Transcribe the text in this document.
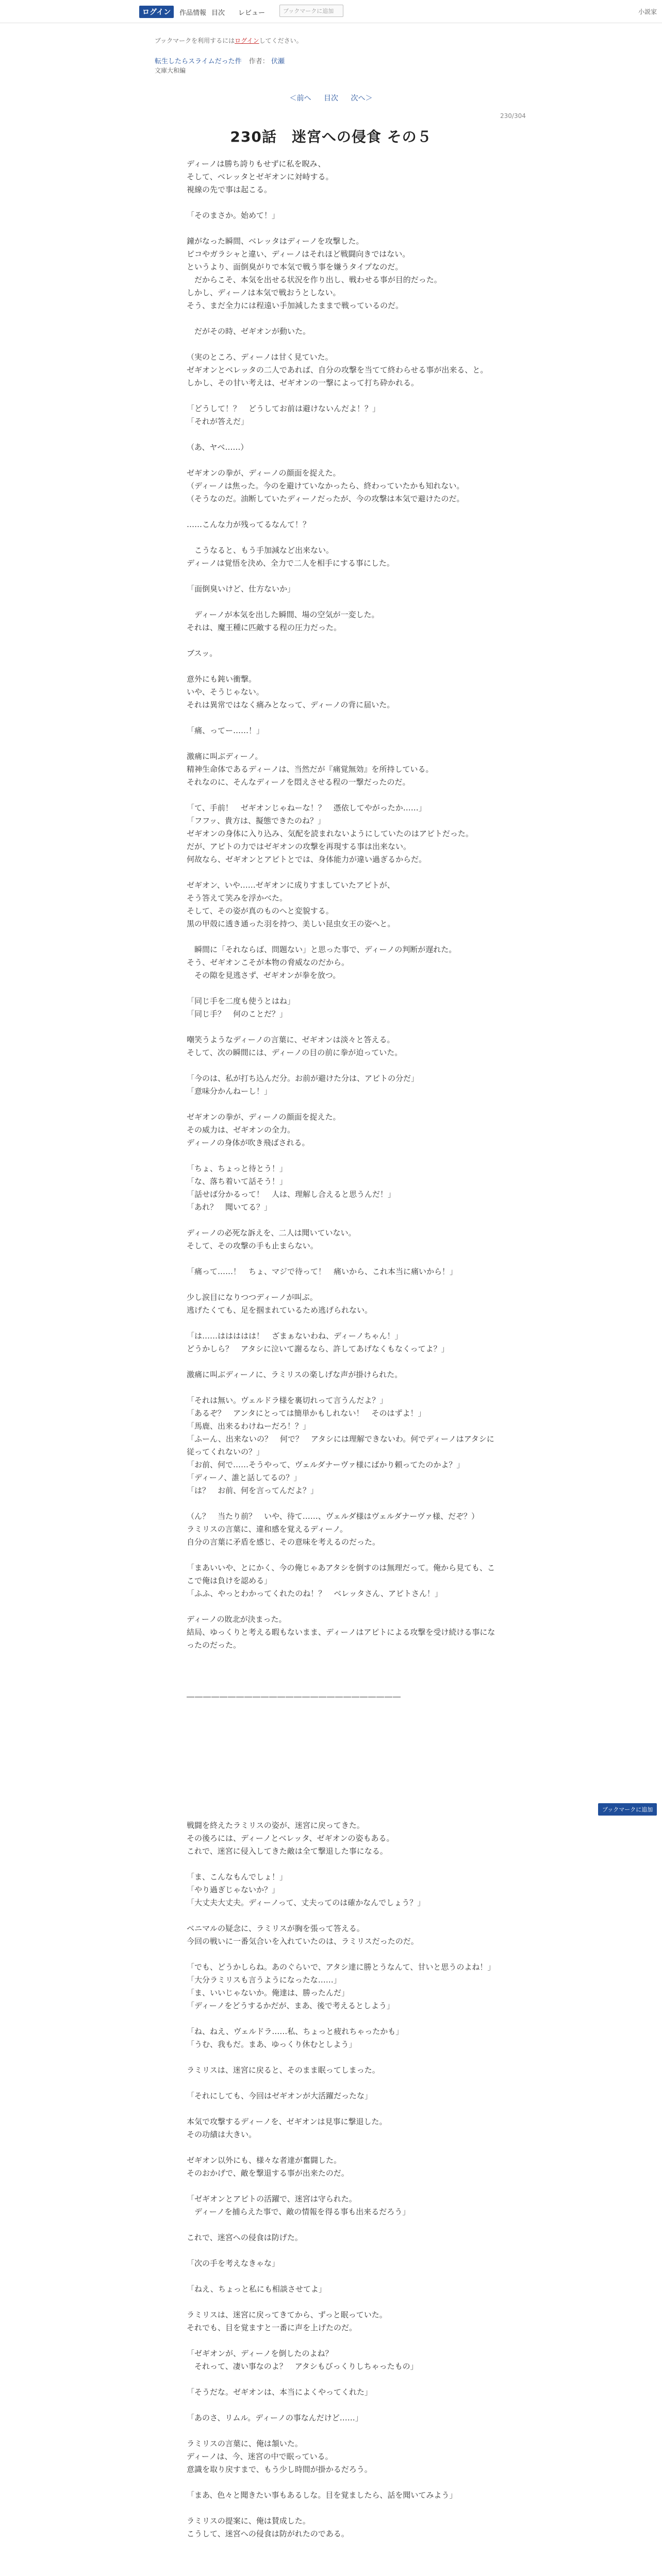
ログイン	作品情報 目次 レビュー	ブックマークに追加	小説家
ブックマークを利用するにはログインしてください。
転生したらスライムだった件 作者： 伏瀬
文庫大和編
＜前へ 目次 次へ＞
230/304
230話　迷宮への侵食 その５

ディーノは勝ち誇りもせずに私を睨み、

そして、ベレッタとゼギオンに対峙する。

視線の先で事は起こる。

「そのまさか。始めて！」

鐘がなった瞬間、ベレッタはディーノを攻撃した。

ピコやガラシャと違い、ディーノはそれほど戦闘向きではない。

というより、面倒臭がりで本気で戦う事を嫌うタイプなのだ。

　だからこそ、本気を出せる状況を作り出し、戦わせる事が目的だった。

しかし、ディーノは本気で戦おうとしない。

そう、まだ全力には程遠い手加減したままで戦っているのだ。

　だがその時、ゼギオンが動いた。

（実のところ、ディーノは甘く見ていた。

ゼギオンとベレッタの二人であれば、自分の攻撃を当てて終わらせる事が出来る、と。

しかし、その甘い考えは、ゼギオンの一撃によって打ち砕かれる。

「どうして！？　どうしてお前は避けないんだよ！？」

「それが答えだ」

（あ、ヤベ……）

ゼギオンの拳が、ディーノの顔面を捉えた。

（ディーノは焦った。今のを避けていなかったら、終わっていたかも知れない。

（そうなのだ。油断していたディーノだったが、今の攻撃は本気で避けたのだ。

……こんな力が残ってるなんて！？

　こうなると、もう手加減など出来ない。

ディーノは覚悟を決め、全力で二人を相手にする事にした。

「面倒臭いけど、仕方ないか」

　ディーノが本気を出した瞬間、場の空気が一変した。

それは、魔王種に匹敵する程の圧力だった。

ブスッ。

意外にも鈍い衝撃。

いや、そうじゃない。

それは異常ではなく痛みとなって、ディーノの背に届いた。

「痛、ってー……！」

激痛に叫ぶディーノ。

精神生命体であるディーノは、当然だが『痛覚無効』を所持している。

それなのに、そんなディーノを悶えさせる程の一撃だったのだ。

「て、手前！　ゼギオンじゃねーな！？　憑依してやがったか……」

「フフッ、貴方は、擬態できたのね？」

ゼギオンの身体に入り込み、気配を読まれないようにしていたのはアピトだった。

だが、アピトの力ではゼギオンの攻撃を再現する事は出来ない。

何故なら、ゼギオンとアピトとでは、身体能力が違い過ぎるからだ。

ゼギオン、いや……ゼギオンに成りすましていたアピトが、

そう答えて笑みを浮かべた。

そして、その姿が真のものへと変貌する。

黒の甲殻に透き通った羽を持つ、美しい昆虫女王の姿へと。

　瞬間に「それならば、問題ない」と思った事で、ディーノの判断が遅れた。

そう、ゼギオンこそが本物の脅威なのだから。

　その隙を見逃さず、ゼギオンが拳を放つ。

「同じ手を二度も使うとはね」

「同じ手？　何のことだ？」

嘲笑うようなディーノの言葉に、ゼギオンは淡々と答える。

そして、次の瞬間には、ディーノの目の前に拳が迫っていた。

「今のは、私が打ち込んだ分。お前が避けた分は、アピトの分だ」

「意味分かんねーし！」

ゼギオンの拳が、ディーノの顔面を捉えた。

その威力は、ゼギオンの全力。

ディーノの身体が吹き飛ばされる。

「ちょ、ちょっと待とう！」

「な、落ち着いて話そう！」

「話せば分かるって！　人は、理解し合えると思うんだ！」

「あれ？　聞いてる？」

ディーノの必死な訴えを、二人は聞いていない。

そして、その攻撃の手も止まらない。

「痛って……！　ちょ、マジで待って！　痛いから、これ本当に痛いから！」

少し涙目になりつつディーノが叫ぶ。

逃げたくても、足を掴まれているため逃げられない。

「は……ははははは！　ざまぁないわね、ディーノちゃん！」

どうかしら？　アタシに泣いて謝るなら、許してあげなくもなくってよ？」

激痛に叫ぶディーノに、ラミリスの楽しげな声が掛けられた。

「それは無い。ヴェルドラ様を裏切れって言うんだよ？」

「あるぞ？　アンタにとっては簡単かもしれない！　そのはずよ！」

「馬鹿、出来るわけねーだろ！？」

「ふーん、出来ないの？　何で？　アタシには理解できないわ。何でディーノはアタシに従ってくれないの？」

「お前、何で……そうやって、ヴェルダナーヴァ様にばかり頼ってたのかよ？」

「ディーノ、誰と話してるの？」

「は？　お前、何を言ってんだよ？」

（ん？　当たり前？　いや、待て……、ヴェルダ様はヴェルダナーヴァ様、だぞ？）

ラミリスの言葉に、違和感を覚えるディーノ。

自分の言葉に矛盾を感じ、その意味を考えるのだった。

「まあいいや、とにかく、今の俺じゃあアタシを倒すのは無理だって。俺から見ても、ここで俺は負けを認める」

「ふふ、やっとわかってくれたのね！？　ベレッタさん、アピトさん！」

ディーノの敗北が決まった。

結局、ゆっくりと考える暇もないまま、ディーノはアピトによる攻撃を受け続ける事になったのだった。

――――――――――――――――――――――――――

戦闘を終えたラミリスの姿が、迷宮に戻ってきた。

その後ろには、ディーノとベレッタ、ゼギオンの姿もある。

これで、迷宮に侵入してきた敵は全て撃退した事になる。

「ま、こんなもんでしょ！」

「やり過ぎじゃないか？」

「大丈夫大丈夫。ディーノって、丈夫ってのは確かなんでしょう？」

ベニマルの疑念に、ラミリスが胸を張って答える。

今回の戦いに一番気合いを入れていたのは、ラミリスだったのだ。

「でも、どうかしらね。あのぐらいで、アタシ達に勝とうなんて、甘いと思うのよね！」

「大分ラミリスも言うようになったな……」

「ま、いいじゃないか。俺達は、勝ったんだ」

「ディーノをどうするかだが、まあ、後で考えるとしよう」

「ね、ねえ、ヴェルドラ……私、ちょっと疲れちゃったかも」

「うむ、我もだ。まあ、ゆっくり休むとしよう」

ラミリスは、迷宮に戻ると、そのまま眠ってしまった。

「それにしても、今回はゼギオンが大活躍だったな」

本気で攻撃するディーノを、ゼギオンは見事に撃退した。

その功績は大きい。

ゼギオン以外にも、様々な者達が奮闘した。

そのおかげで、敵を撃退する事が出来たのだ。

「ゼギオンとアピトの活躍で、迷宮は守られた。

　ディーノを捕らえた事で、敵の情報を得る事も出来るだろう」

これで、迷宮への侵食は防げた。

「次の手を考えなきゃな」

「ねえ、ちょっと私にも相談させてよ」

ラミリスは、迷宮に戻ってきてから、ずっと眠っていた。

それでも、目を覚ますと一番に声を上げたのだ。

「ゼギオンが、ディーノを倒したのよね？

　それって、凄い事なのよ？　アタシもびっくりしちゃったもの」

「そうだな。ゼギオンは、本当によくやってくれた」

「あのさ、リムル。ディーノの事なんだけど……」

ラミリスの言葉に、俺は頷いた。

ディーノは、今、迷宮の中で眠っている。

意識を取り戻すまで、もう少し時間が掛かるだろう。

「まあ、色々と聞きたい事もあるしな。目を覚ましたら、話を聞いてみよう」

ラミリスの提案に、俺は賛成した。

こうして、迷宮への侵食は防がれたのである。

ブックマークに追加
